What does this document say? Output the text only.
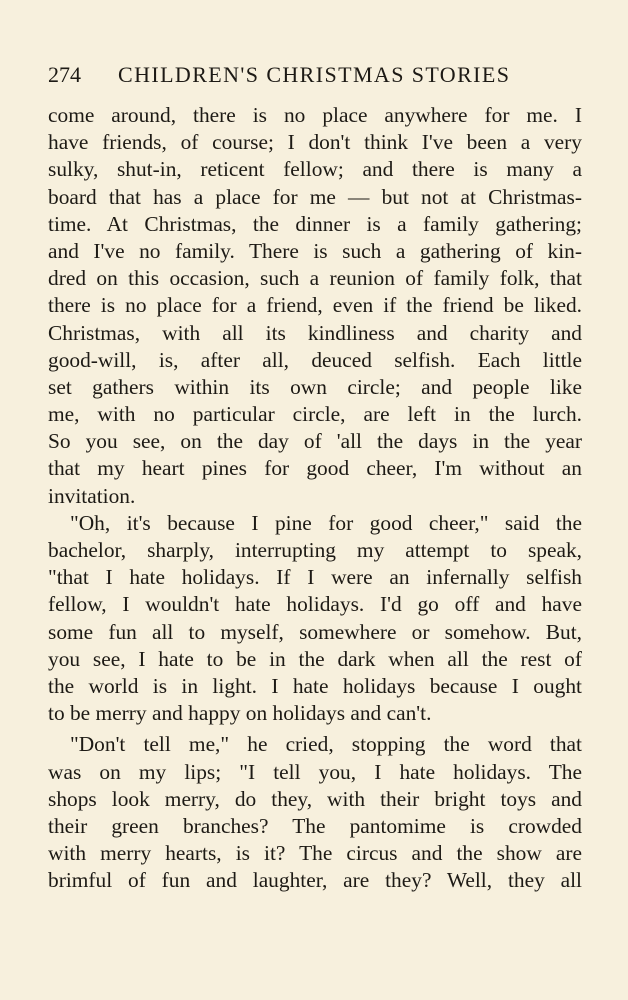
274	CHILDREN'S CHRISTMAS STORIES
come around, there is no place anywhere for me. I
have friends, of course; I don't think I've been a very
sulky, shut-in, reticent fellow; and there is many a
board that has a place for me — but not at Christmas-
time. At Christmas, the dinner is a family gathering;
and I've no family. There is such a gathering of kin-
dred on this occasion, such a reunion of family folk, that
there is no place for a friend, even if the friend be liked.
Christmas, with all its kindliness and charity and
good-will, is, after all, deuced selfish. Each little
set gathers within its own circle; and people like
me, with no particular circle, are left in the lurch.
So you see, on the day of 'all the days in the year
that my heart pines for good cheer, I'm without an
invitation.
"Oh, it's because I pine for good cheer," said the
bachelor, sharply, interrupting my attempt to speak,
"that I hate holidays. If I were an infernally selfish
fellow, I wouldn't hate holidays. I'd go off and have
some fun all to myself, somewhere or somehow. But,
you see, I hate to be in the dark when all the rest of
the world is in light. I hate holidays because I ought
to be merry and happy on holidays and can't.
"Don't tell me," he cried, stopping the word that
was on my lips; "I tell you, I hate holidays. The
shops look merry, do they, with their bright toys and
their green branches? The pantomime is crowded
with merry hearts, is it? The circus and the show are
brimful of fun and laughter, are they? Well, they all
